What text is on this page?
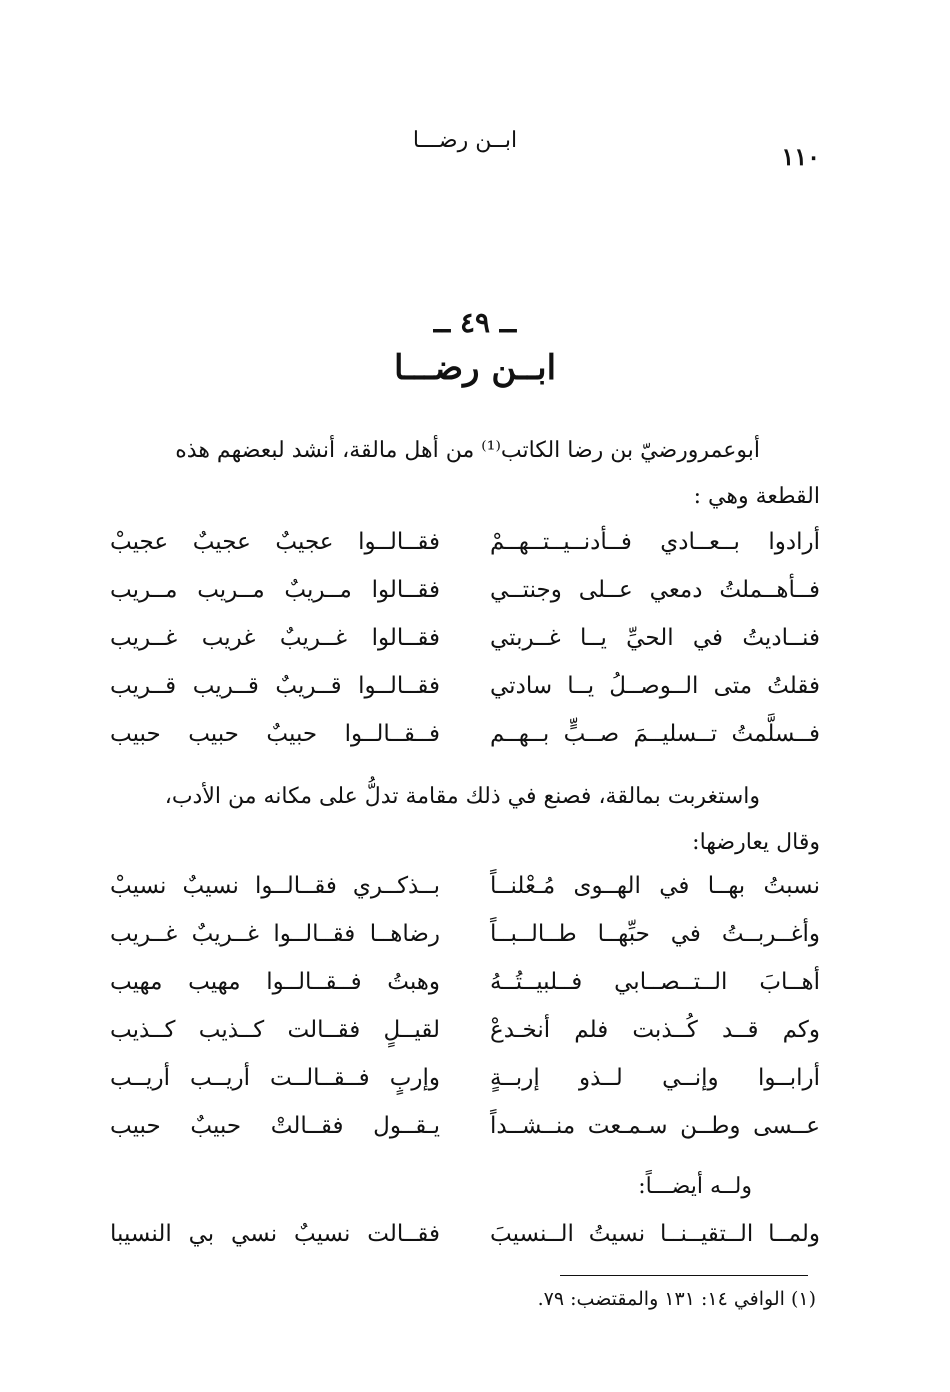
١١٠
ابــن رضـــا
ــ ٤٩ ــ
ابــن رضـــا
أبوعمرورضيّ بن رضا الكاتب⁽¹⁾ من أهل مالقة، أنشد لبعضهم هذه
القطعة وهي :
أرادوا بــعــادي فــأدنــيــتــهــمْ
فقــالــوا عجيبٌ عجيبٌ عجيبْ
فــأهــملتُ دمعي عــلى وجنتــي
فقــالوا مــريبٌ مــريب مــريب
فنــاديتُ في الحيِّ يــا غــربتي
فقــالوا غــريبٌ غريب غــريب
فقلتُ متى الــوصــلُ يــا سادتي
فقــالــوا قــريبٌ قــريب قــريب
فــسلَّمتُ تــسليــمَ صــبٍّ بــهــم
فــقــالــوا حبيبٌ حبيب حبيب
واستغربت بمالقة، فصنع في ذلك مقامة تدلُّ على مكانه من الأدب،
وقال يعارضها:
نسبتُ بهــا في الهــوى مُـعْلنــاً
بــذكــري فقــالــوا نسيبٌ نسيبْ
وأغــربــتُ في حبِّهــا طــالــبــاً
رضاهــا فقــالــوا غــريبٌ غــريب
أهــابَ الــتــصــابي فــلبيــتُــهُ
وهبتُ فــقــالــوا مهيب مهيب
وكم قــد كُــذبت فلم أنخـدعْ
لقيــلٍ فقــالت كــذيب كــذيب
أرابــوا وإنــي لــذو إربــةٍ
وإربٍ فــقــالــت أريــب أريــب
عــسى وطــن سـمـعت منــشــداً
يـقــول فقــالتْ حبيبٌ حبيب
ولــه أيضـــاً:
ولمــا الــتقيــنــا نسيتُ الــنسيبَ
فقــالت نسيبٌ نسي بي النسيبا
(١) الوافي ١٤: ١٣١ والمقتضب: ٧٩.
